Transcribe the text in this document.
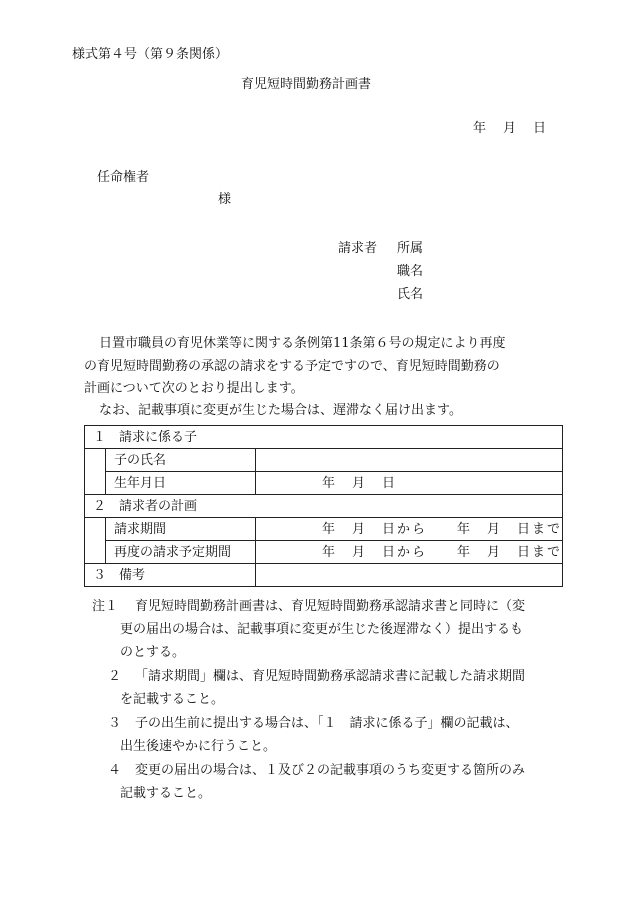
様式第４号（第９条関係）
育児短時間勤務計画書
年　月　日
任命権者
様
請求者 所属
職名
氏名
日置市職員の育児休業等に関する条例第11条第６号の規定により再度
の育児短時間勤務の承認の請求をする予定ですので、育児短時間勤務の
計画について次のとおり提出します。
なお、記載事項に変更が生じた場合は、遅滞なく届け出ます。
１　請求に係る子		
	子の氏名	
	生年月日	年　月　日
２　請求者の計画		
	請求期間	年　月　日から 年　月　日まで
	再度の請求予定期間	年　月　日から 年　月　日まで
３　備考		
注１ 育児短時間勤務計画書は、育児短時間勤務承認請求書と同時に（変
更の届出の場合は、記載事項に変更が生じた後遅滞なく）提出するも
のとする。
２ 「請求期間」欄は、育児短時間勤務承認請求書に記載した請求期間
を記載すること。
３ 子の出生前に提出する場合は、「１　請求に係る子」欄の記載は、
出生後速やかに行うこと。
４ 変更の届出の場合は、１及び２の記載事項のうち変更する箇所のみ
記載すること。
